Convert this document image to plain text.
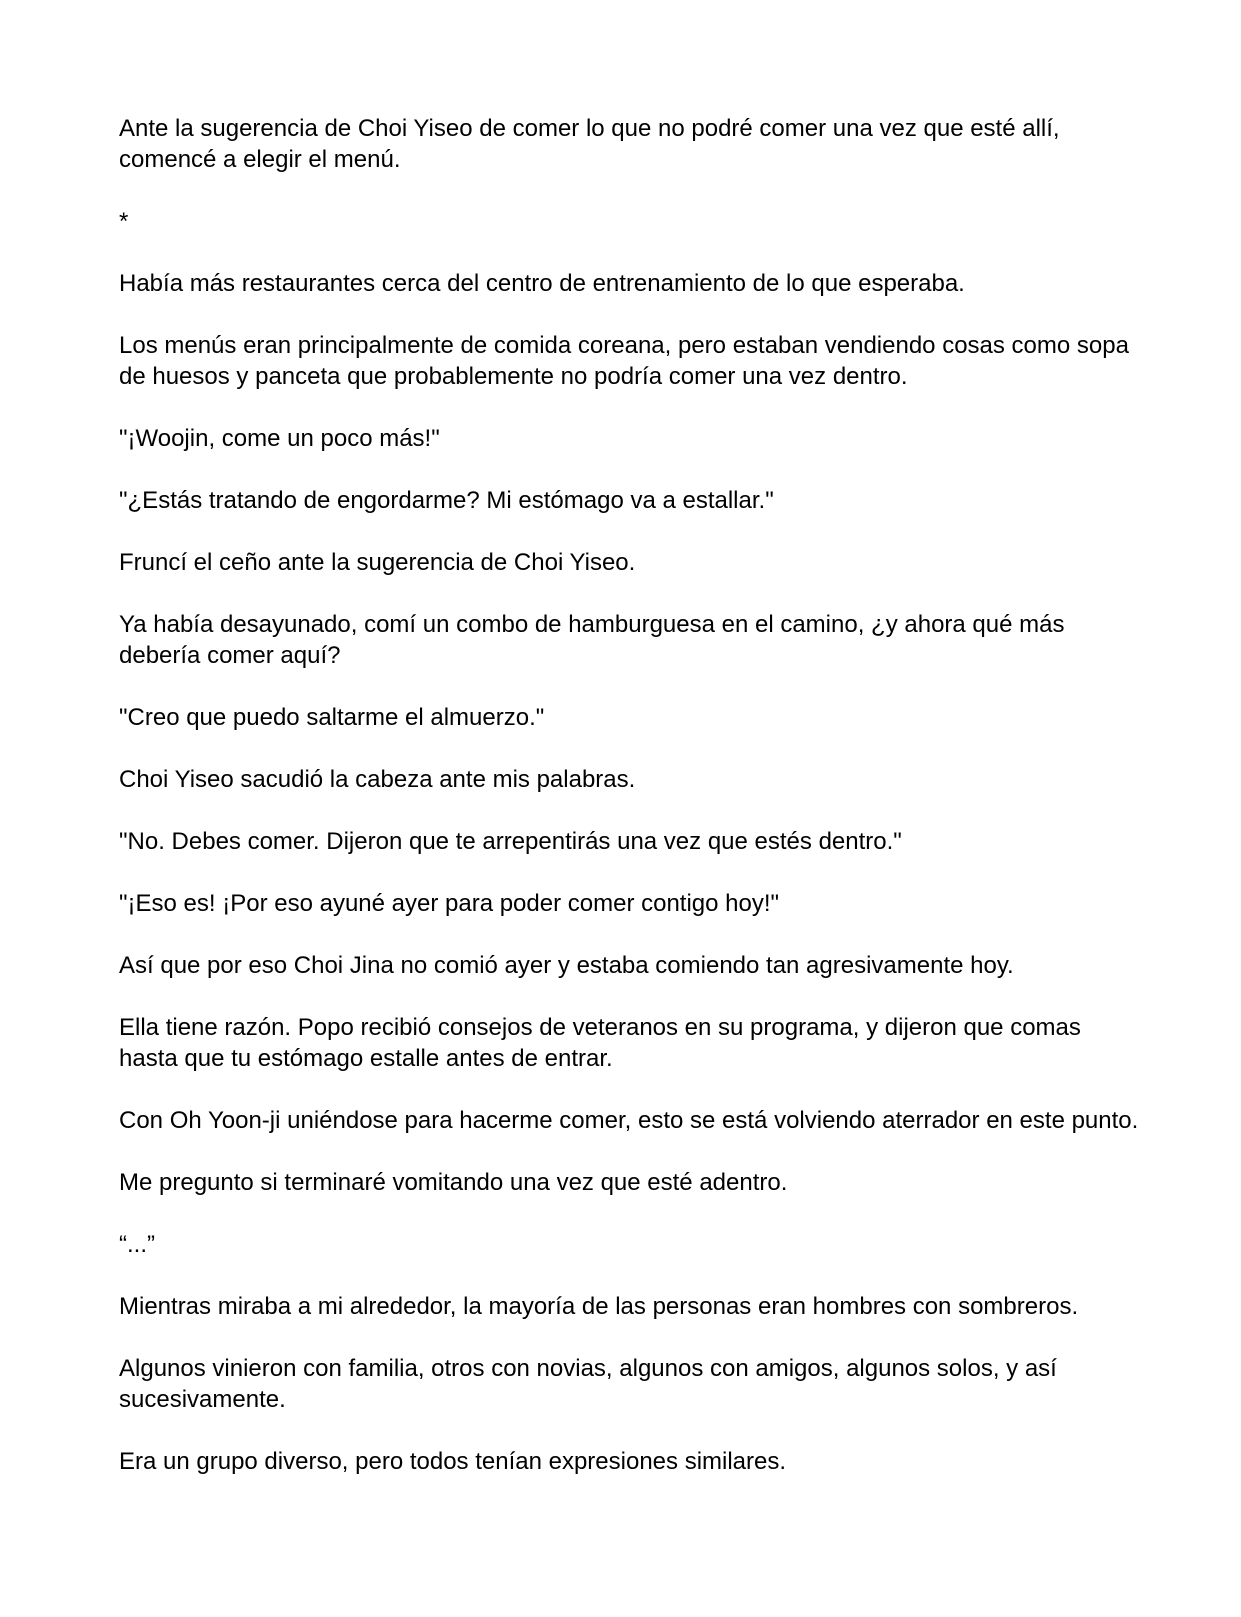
Ante la sugerencia de Choi Yiseo de comer lo que no podré comer una vez que esté allí, comencé a elegir el menú.

*

Había más restaurantes cerca del centro de entrenamiento de lo que esperaba.

Los menús eran principalmente de comida coreana, pero estaban vendiendo cosas como sopa de huesos y panceta que probablemente no podría comer una vez dentro.

"¡Woojin, come un poco más!"

"¿Estás tratando de engordarme? Mi estómago va a estallar."

Fruncí el ceño ante la sugerencia de Choi Yiseo.

Ya había desayunado, comí un combo de hamburguesa en el camino, ¿y ahora qué más debería comer aquí?

"Creo que puedo saltarme el almuerzo."

Choi Yiseo sacudió la cabeza ante mis palabras.

"No. Debes comer. Dijeron que te arrepentirás una vez que estés dentro."

"¡Eso es! ¡Por eso ayuné ayer para poder comer contigo hoy!"

Así que por eso Choi Jina no comió ayer y estaba comiendo tan agresivamente hoy.

Ella tiene razón. Popo recibió consejos de veteranos en su programa, y dijeron que comas hasta que tu estómago estalle antes de entrar.

Con Oh Yoon-ji uniéndose para hacerme comer, esto se está volviendo aterrador en este punto.

Me pregunto si terminaré vomitando una vez que esté adentro.

“...”

Mientras miraba a mi alrededor, la mayoría de las personas eran hombres con sombreros.

Algunos vinieron con familia, otros con novias, algunos con amigos, algunos solos, y así sucesivamente.

Era un grupo diverso, pero todos tenían expresiones similares.
